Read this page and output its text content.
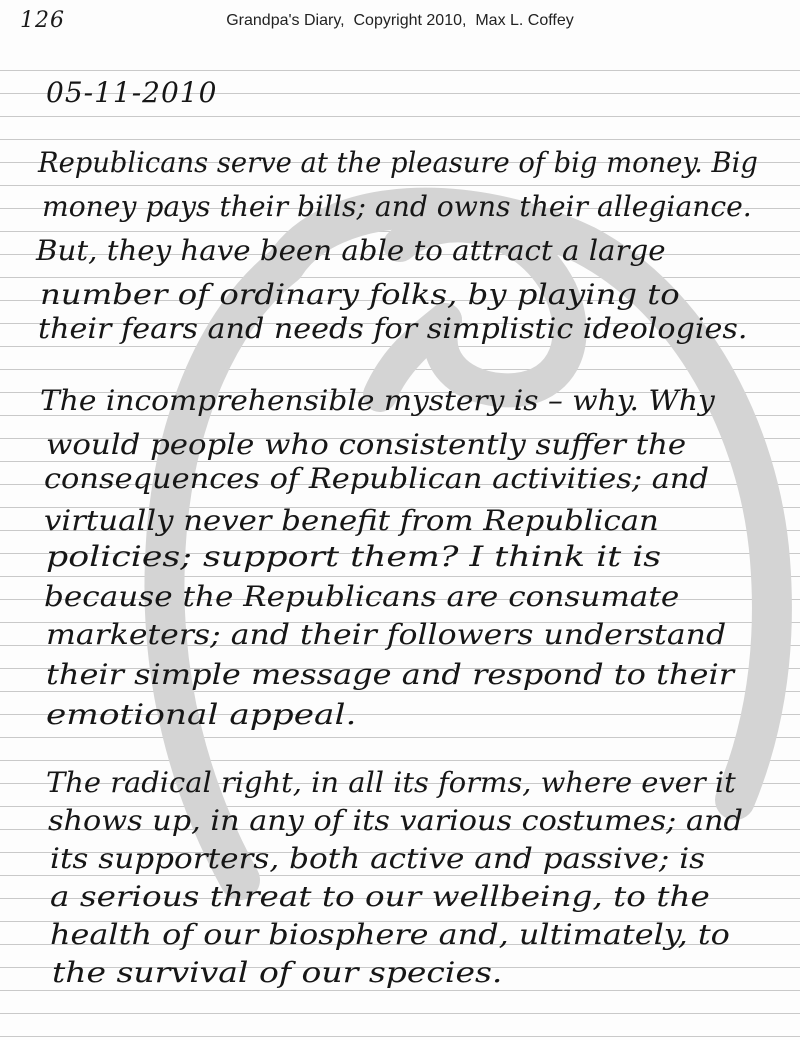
126	Grandpa's Diary,  Copyright 2010,  Max L. Coffey
05-11-2010
Republicans serve at the pleasure of big money. Big
money pays their bills; and owns their allegiance.
But, they have been able to attract a large
number of ordinary folks, by playing to
their fears and needs for simplistic ideologies.
The incomprehensible mystery is – why. Why
would people who consistently suffer the
consequences of Republican activities; and
virtually never benefit from Republican
policies; support them? I think it is
because the Republicans are consumate
marketers; and their followers understand
their simple message and respond to their
emotional appeal.
The radical right, in all its forms, where ever it
shows up, in any of its various costumes; and
its supporters, both active and passive; is
a serious threat to our wellbeing, to the
health of our biosphere and, ultimately, to
the survival of our species.
